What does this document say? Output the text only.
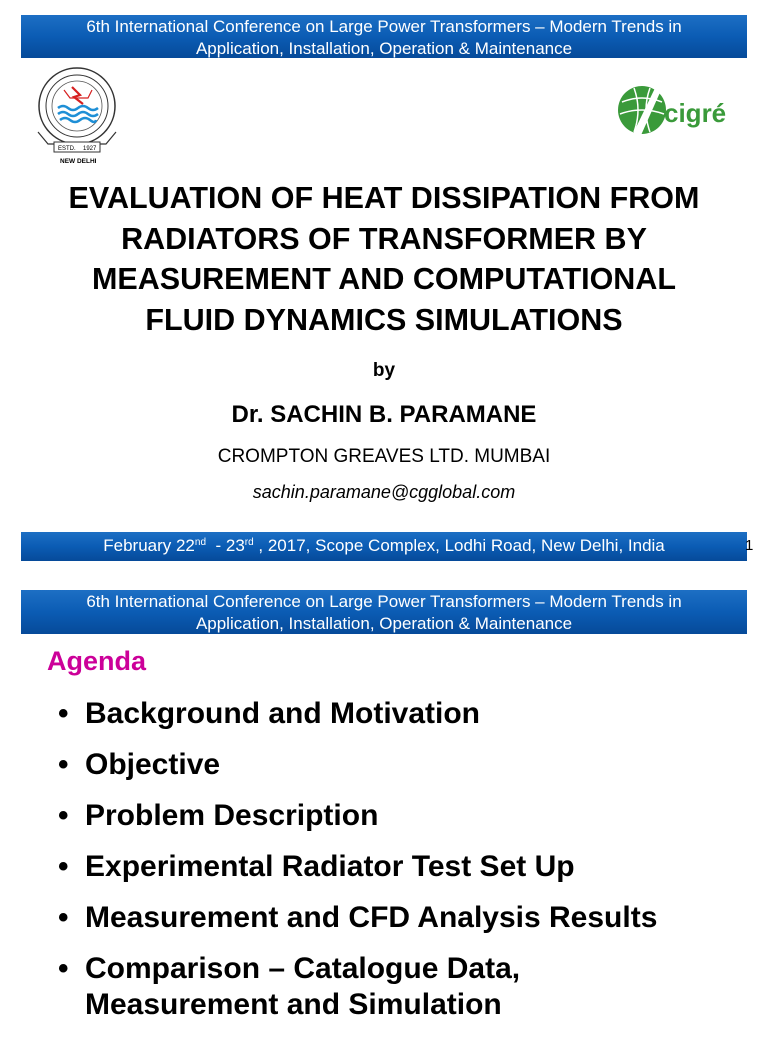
6th International Conference on Large Power Transformers – Modern Trends in
Application, Installation, Operation & Maintenance
ESTD. 1927
NEW DELHI
cigré
EVALUATION OF HEAT DISSIPATION FROM
RADIATORS OF TRANSFORMER BY
MEASUREMENT AND COMPUTATIONAL
FLUID DYNAMICS SIMULATIONS
by
Dr. SACHIN B. PARAMANE
CROMPTON GREAVES LTD. MUMBAI
sachin.paramane@cgglobal.com
February 22nd  - 23rd , 2017, Scope Complex, Lodhi Road, New Delhi, India	1
6th International Conference on Large Power Transformers – Modern Trends in
Application, Installation, Operation & Maintenance
Agenda
• Background and Motivation
• Objective
• Problem Description
• Experimental Radiator Test Set Up
• Measurement and CFD Analysis Results
• Comparison – Catalogue Data,
Measurement and Simulation
